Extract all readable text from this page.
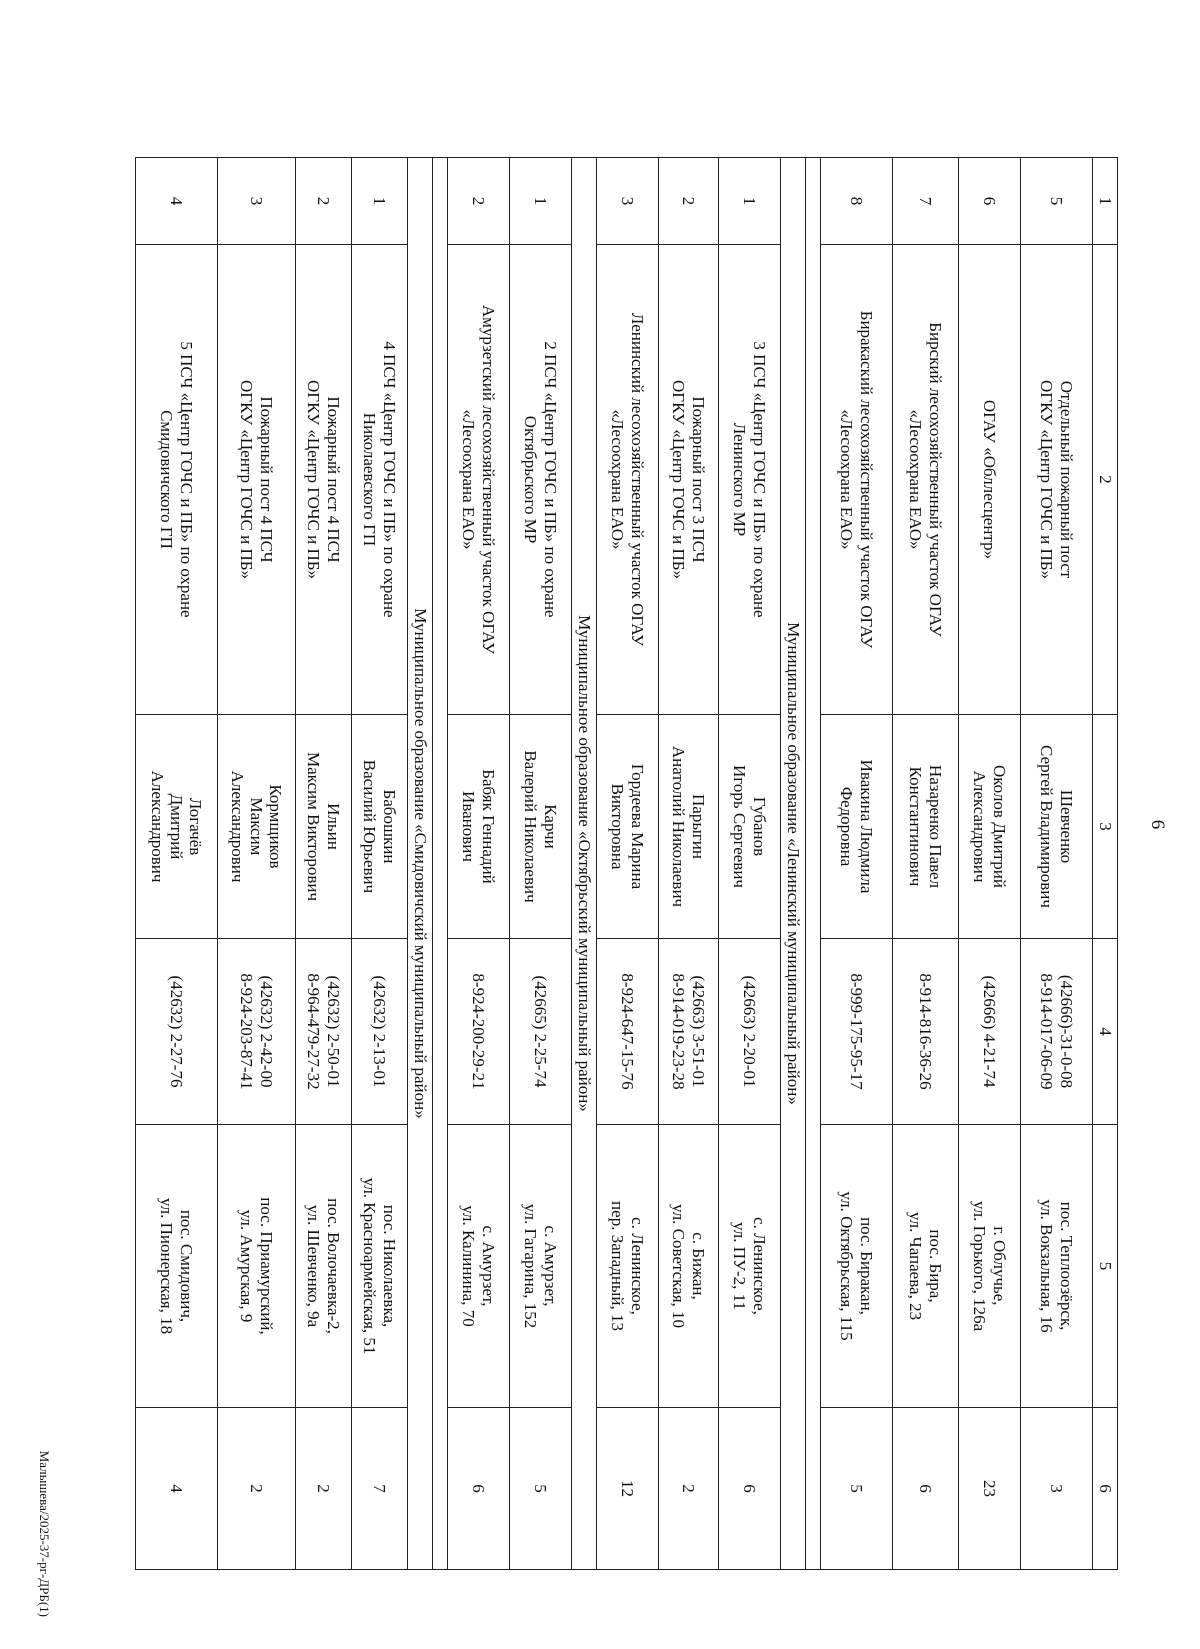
6
1	2	3	4	5	6
5	Отдельный пожарный пост
ОГКУ «Центр ГОЧС и ПБ»	Шевченко
Сергей Владимирович	(42666)-31-0-08
8-914-017-06-09	пос. Теплоозёрск,
ул. Вокзальная, 16	3
6	ОГАУ «Обллесцентр»	Околов Дмитрий
Александрович	(42666) 4-21-74	г. Облучье,
ул. Горького, 126а	23
7	Бирский лесохозяйственный участок ОГАУ
«Лесоохрана ЕАО»	Назаренко Павел
Константинович	8-914-816-36-26	пос. Бира,
ул. Чапаева, 23	6
8	Биракаский лесохозяйственный участок ОГАУ
«Лесоохрана ЕАО»	Ивакина Людмила
Федоровна	8-999-175-95-17	пос. Биракан,
ул. Октябрьская, 115	5

Муниципальное образование «Ленинский муниципальный район»					
1	3 ПСЧ «Центр ГОЧС и ПБ» по охране
Ленинского МР	Губанов
Игорь Сергеевич	(42663) 2-20-01	с. Ленинское,
ул. ПУ-2, 11	6
2	Пожарный пост 3 ПСЧ
ОГКУ «Центр ГОЧС и ПБ»	Парыгин
Анатолий Николаевич	(42663) 3-51-01
8-914-019-23-28	с. Бижан,
ул. Советская, 10	2
3	Ленинский лесохозяйственный участок ОГАУ
«Лесоохрана ЕАО»	Гордеева Марина
Викторовна	8-924-647-15-76	с. Ленинское,
пер. Западный, 13	12
Муниципальное образование «Октябрьский муниципальный район»					
1	2 ПСЧ «Центр ГОЧС и ПБ» по охране
Октябрьского МР	Карчи
Валерий Николаевич	(42665) 2-25-74	с. Амурзет,
ул. Гагарина, 152	5
2	Амурзетский лесохозяйственный участок ОГАУ
«Лесоохрана ЕАО»	Бабяк Геннадий
Иванович	8-924-200-29-21	с. Амурзет,
ул. Калинина, 70	6

Муниципальное образование «Смидовичский муниципальный район»					
1	4 ПСЧ «Центр ГОЧС и ПБ» по охране
Николаевского ГП	Бабошкин
Василий Юрьевич	(42632) 2-13-01	пос. Николаевка,
ул. Красноармейская, 51	7
2	Пожарный пост 4 ПСЧ
ОГКУ «Центр ГОЧС и ПБ»	Ильин
Максим Викторович	(42632) 2-50-01
8-964-479-27-32	пос. Волочаевка-2,
ул. Шевченко, 9а	2
3	Пожарный пост 4 ПСЧ
ОГКУ «Центр ГОЧС и ПБ»	Кормщиков
Максим
Александрович	(42632) 2-42-00
8-924-203-87-41	пос. Приамурский,
ул. Амурская, 9	2
4	5 ПСЧ «Центр ГОЧС и ПБ» по охране
Смидовичского ГП	Логачёв
Дмитрий
Александрович	(42632) 2-27-76	пос. Смидович,
ул. Пионерская, 18	4
Малышева/2025-37-рг-ДРБ(1)
